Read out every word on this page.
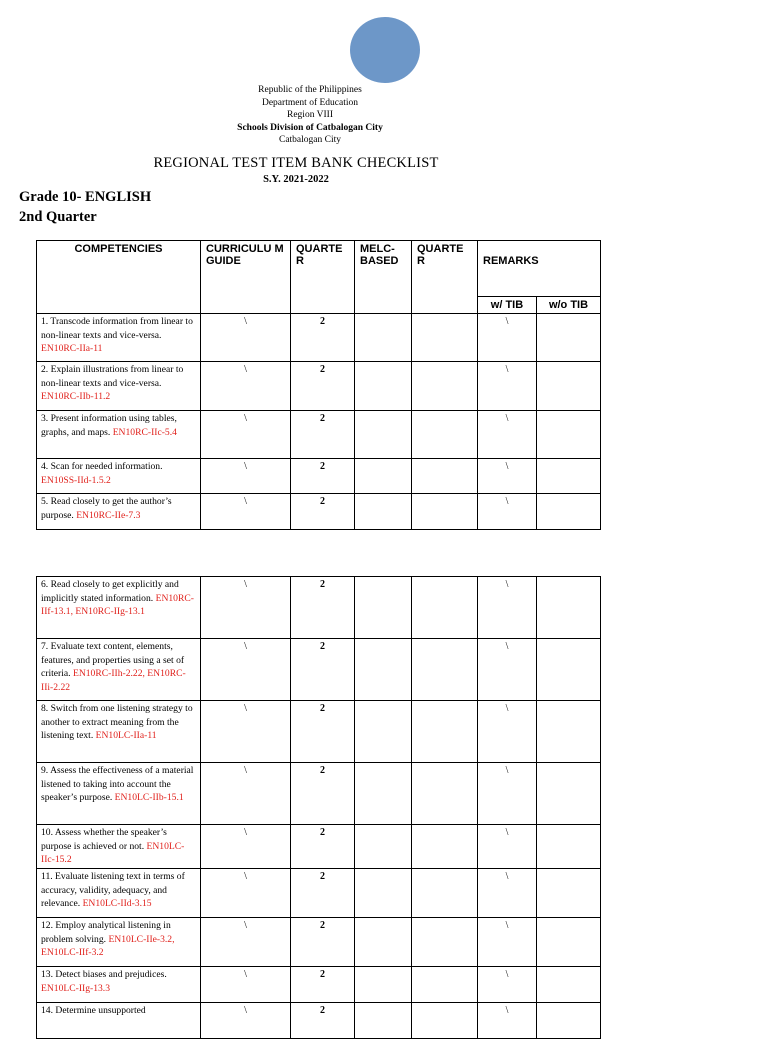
Republic of the Philippines
Department of Education
Region VIII
Schools Division of Catbalogan City
Catbalogan City
REGIONAL TEST ITEM BANK CHECKLIST
S.Y. 2021-2022
Grade 10- ENGLISH
2nd Quarter
COMPETENCIES	CURRICULU M GUIDE	QUARTE R	MELC- BASED	QUARTE R	REMARKS	
					w/ TIB	w/o TIB
1. Transcode information from linear to non-linear texts and vice-versa. EN10RC-IIa-11	\	2			\	
2. Explain illustrations from linear to non-linear texts and vice-versa. EN10RC-IIb-11.2	\	2			\	
3. Present information using tables, graphs, and maps. EN10RC-IIc-5.4	\	2			\	
4. Scan for needed information. EN10SS-IId-1.5.2	\	2			\	
5. Read closely to get the author’s purpose. EN10RC-IIe-7.3	\	2			\	
6. Read closely to get explicitly and implicitly stated information. EN10RC-IIf-13.1, EN10RC-IIg-13.1	\	2			\	
7. Evaluate text content, elements, features, and properties using a set of criteria. EN10RC-IIh-2.22, EN10RC-IIi-2.22	\	2			\	
8. Switch from one listening strategy to another to extract meaning from the listening text. EN10LC-IIa-11	\	2			\	
9. Assess the effectiveness of a material listened to taking into account the speaker’s purpose. EN10LC-IIb-15.1	\	2			\	
10. Assess whether the speaker’s purpose is achieved or not. EN10LC-IIc-15.2	\	2			\	
11. Evaluate listening text in terms of accuracy, validity, adequacy, and relevance. EN10LC-IId-3.15	\	2			\	
12. Employ analytical listening in problem solving. EN10LC-IIe-3.2, EN10LC-IIf-3.2	\	2			\	
13. Detect biases and prejudices. EN10LC-IIg-13.3	\	2			\	
14. Determine unsupported	\	2			\	
